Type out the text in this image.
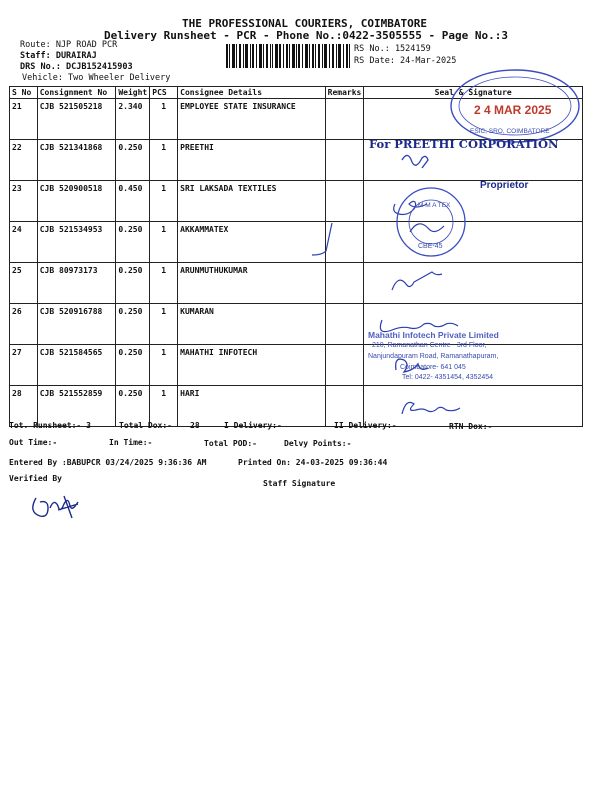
THE PROFESSIONAL COURIERS, COIMBATORE
Delivery Runsheet - PCR - Phone No.:0422-3505555 - Page No.:3
Route: NJP ROAD PCR
Staff: DURAIRAJ
DRS No.: DCJB152415903
Vehicle: Two Wheeler Delivery
RS No.: 1524159
RS Date: 24-Mar-2025
S No	Consignment No	Weight	PCS	Consignee Details	Remarks	Seal & Signature
21	CJB 521505218	2.340	1	EMPLOYEE STATE INSURANCE		
22	CJB 521341868	0.250	1	PREETHI		
23	CJB 520900518	0.450	1	SRI LAKSADA TEXTILES		
24	CJB 521534953	0.250	1	AKKAMMATEX		
25	CJB 80973173	0.250	1	ARUNMUTHUKUMAR		
26	CJB 520916788	0.250	1	KUMARAN		
27	CJB 521584565	0.250	1	MAHATHI INFOTECH		
28	CJB 521552859	0.250	1	HARI		
Tot. Runsheet:- 3	Total Dox:- 28	I Delivery:-	II Delivery:-	RTN Dox:-
Out Time:-	In Time:-	Total POD:-	Delvy Points:-
Entered By :BABUPCR 03/24/2025 9:36:36 AM	Printed On: 24-03-2025 09:36:44
Verified By
Staff Signature
2 4 MAR 2025
ESIC, SRO, COIMBATORE
For PREETHI CORPORATION
Proprietor
M M A TEX
CBE-45
Mahathi Infotech Private Limited
210, Ramanathan Centre - 3rd Floor,
Nanjundapuram Road, Ramanathapuram,
Coimbatore- 641 045
Tel: 0422- 4351454, 4352454
